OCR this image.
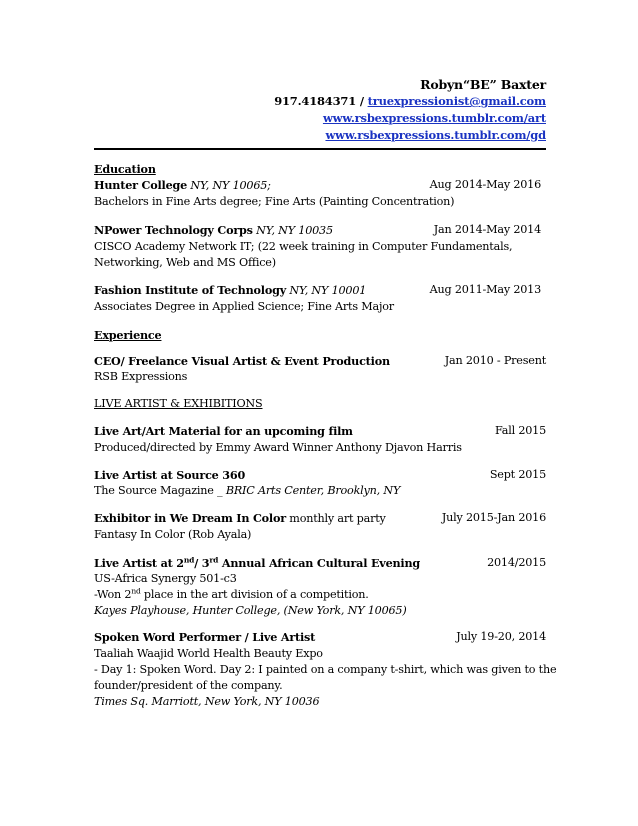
Robyn“BE” Baxter
917.4184371 / truexpressionist@gmail.com
www.rsbexpressions.tumblr.com/art
www.rsbexpressions.tumblr.com/gd
Education
Hunter College NY, NY 10065;	Aug 2014-May 2016
Bachelors in Fine Arts degree; Fine Arts (Painting Concentration)
NPower Technology Corps NY, NY 10035	Jan 2014-May 2014
CISCO Academy Network IT; (22 week training in Computer Fundamentals,
Networking, Web and MS Office)
Fashion Institute of Technology NY, NY 10001	Aug 2011-May 2013
Associates Degree in Applied Science; Fine Arts Major
Experience
CEO/ Freelance Visual Artist & Event Production	Jan 2010 - Present
RSB Expressions
LIVE ARTIST & EXHIBITIONS
Live Art/Art Material for an upcoming film	Fall 2015
Produced/directed by Emmy Award Winner Anthony Djavon Harris
Live Artist at Source 360	Sept 2015
The Source Magazine _ BRIC Arts Center, Brooklyn, NY
Exhibitor in We Dream In Color monthly art party	July 2015-Jan 2016
Fantasy In Color (Rob Ayala)
Live Artist at 2nd/ 3rd Annual African Cultural Evening	2014/2015
US-Africa Synergy 501-c3
-Won 2nd place in the art division of a competition.
Kayes Playhouse, Hunter College, (New York, NY 10065)
Spoken Word Performer / Live Artist	July 19-20, 2014
Taaliah Waajid World Health Beauty Expo
- Day 1: Spoken Word. Day 2: I painted on a company t-shirt, which was given to the
founder/president of the company.
Times Sq. Marriott, New York, NY 10036
